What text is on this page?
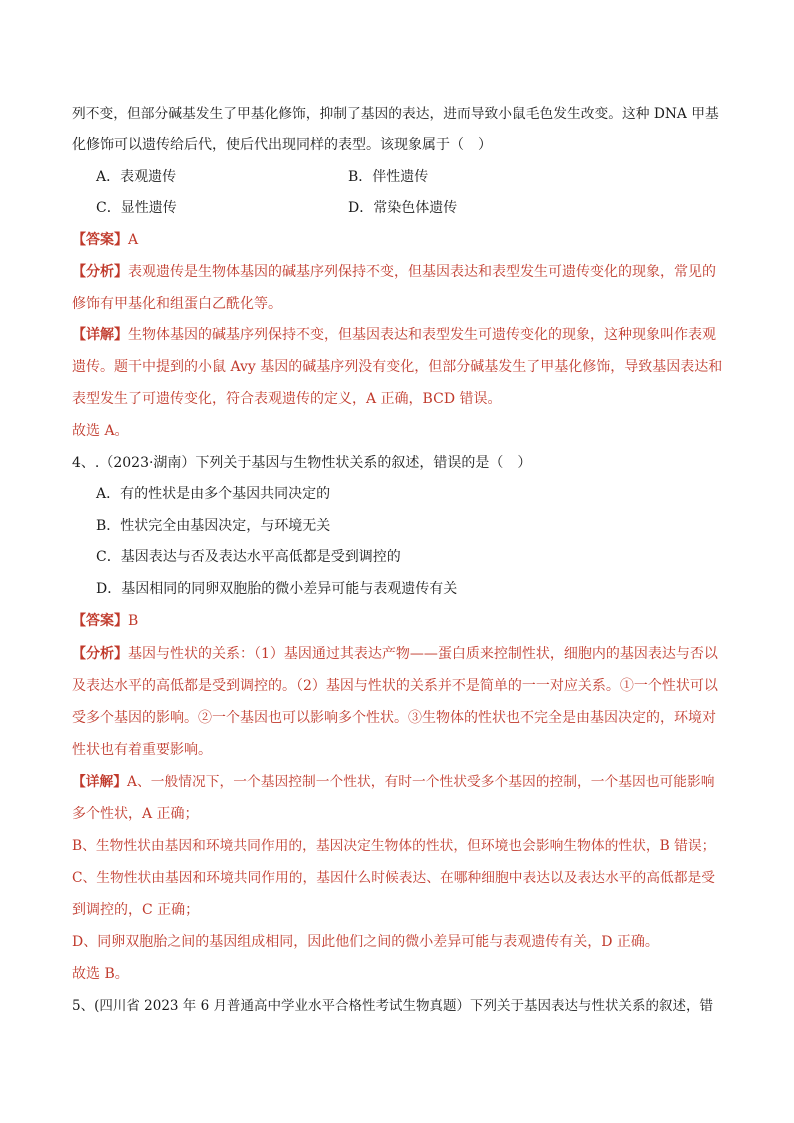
列不变，但部分碱基发生了甲基化修饰，抑制了基因的表达，进而导致小鼠毛色发生改变。这种 DNA 甲基
化修饰可以遗传给后代，使后代出现同样的表型。该现象属于（　）
A．表观遗传	B．伴性遗传
C．显性遗传	D．常染色体遗传
【答案】A
【分析】表观遗传是生物体基因的碱基序列保持不变，但基因表达和表型发生可遗传变化的现象，常见的
修饰有甲基化和组蛋白乙酰化等。
【详解】生物体基因的碱基序列保持不变，但基因表达和表型发生可遗传变化的现象，这种现象叫作表观
遗传。题干中提到的小鼠 Avy 基因的碱基序列没有变化，但部分碱基发生了甲基化修饰，导致基因表达和
表型发生了可遗传变化，符合表观遗传的定义，A 正确，BCD 错误。
故选 A。
4、.（2023·湖南）下列关于基因与生物性状关系的叙述，错误的是（　）
A．有的性状是由多个基因共同决定的
B．性状完全由基因决定，与环境无关
C．基因表达与否及表达水平高低都是受到调控的
D．基因相同的同卵双胞胎的微小差异可能与表观遗传有关
【答案】B
【分析】基因与性状的关系：（1）基因通过其表达产物——蛋白质来控制性状，细胞内的基因表达与否以
及表达水平的高低都是受到调控的。（2）基因与性状的关系并不是简单的一一对应关系。①一个性状可以
受多个基因的影响。②一个基因也可以影响多个性状。③生物体的性状也不完全是由基因决定的，环境对
性状也有着重要影响。
【详解】A、一般情况下，一个基因控制一个性状，有时一个性状受多个基因的控制，一个基因也可能影响
多个性状，A 正确；
B、生物性状由基因和环境共同作用的，基因决定生物体的性状，但环境也会影响生物体的性状，B 错误；
C、生物性状由基因和环境共同作用的，基因什么时候表达、在哪种细胞中表达以及表达水平的高低都是受
到调控的，C 正确；
D、同卵双胞胎之间的基因组成相同，因此他们之间的微小差异可能与表观遗传有关，D 正确。
故选 B。
5、(四川省 2023 年 6 月普通高中学业水平合格性考试生物真题）下列关于基因表达与性状关系的叙述，错
